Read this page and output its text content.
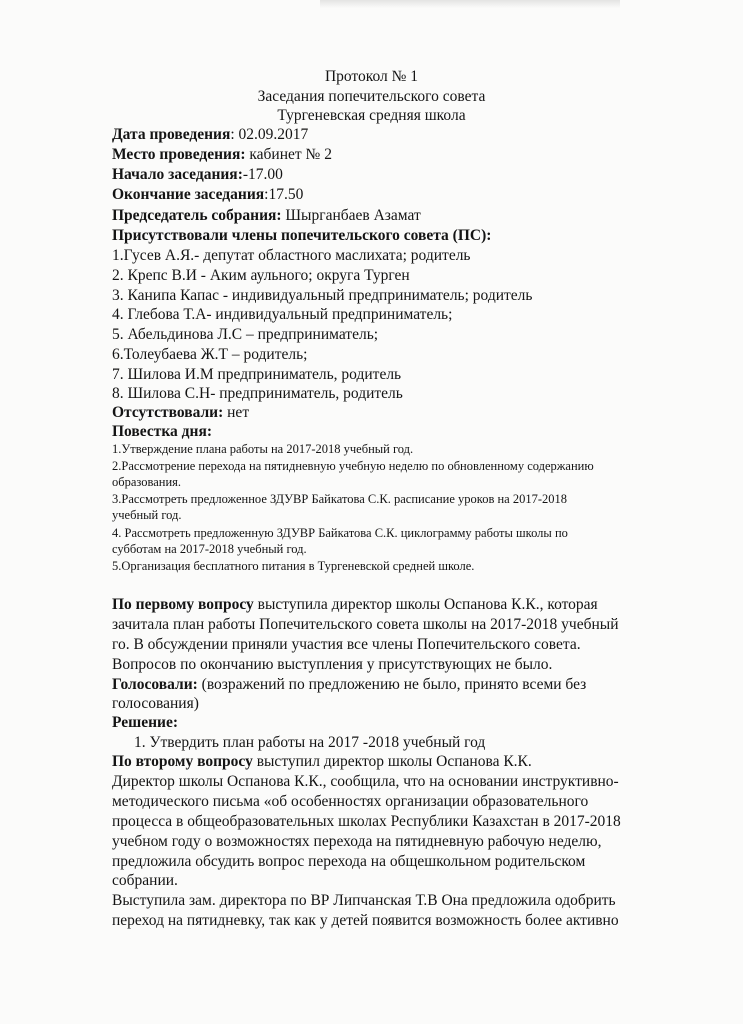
Протокол № 1
Заседания попечительского совета
Тургеневская средняя школа
Дата проведения: 02.09.2017
Место проведения: кабинет № 2
Начало заседания:-17.00
Окончание заседания:17.50
Председатель собрания: Шырганбаев Азамат
Присутствовали члены попечительского совета (ПС):
1.Гусев А.Я.- депутат областного маслихата; родитель
2. Крепс В.И - Аким аульного; округа Турген
3. Канипа Капас - индивидуальный предприниматель; родитель
4. Глебова Т.А- индивидуальный предприниматель;
5. Абельдинова Л.С – предприниматель;
6.Толеубаева Ж.Т – родитель;
7. Шилова И.М предприниматель, родитель
8. Шилова С.Н- предприниматель, родитель
Отсутствовали: нет
Повестка дня:
1.Утверждение плана работы на 2017-2018 учебный год.
2.Рассмотрение перехода на пятидневную учебную неделю по обновленному содержанию
образования.
3.Рассмотреть предложенное ЗДУВР Байкатова С.К. расписание уроков на 2017-2018
учебный год.
4. Рассмотреть предложенную ЗДУВР Байкатова С.К. циклограмму работы школы по
субботам на 2017-2018 учебный год.
5.Организация бесплатного питания в Тургеневской средней школе.
По первому вопросу выступила директор школы Оспанова К.К., которая
зачитала план работы Попечительского совета школы на 2017-2018 учебный
го. В обсуждении приняли участия все члены Попечительского совета.
Вопросов по окончанию выступления у присутствующих не было.
Голосовали: (возражений по предложению не было, принято всеми без
голосования)
Решение:
1. Утвердить план работы на 2017 -2018 учебный год
По второму вопросу выступил директор школы Оспанова К.К.
Директор школы Оспанова К.К., сообщила, что на основании инструктивно-
методического письма «об особенностях организации образовательного
процесса в общеобразовательных школах Республики Казахстан в 2017-2018
учебном году о возможностях перехода на пятидневную рабочую неделю,
предложила обсудить вопрос перехода на общешкольном родительском
собрании.
Выступила зам. директора по ВР Липчанская Т.В Она предложила одобрить
переход на пятидневку, так как у детей появится возможность более активно
